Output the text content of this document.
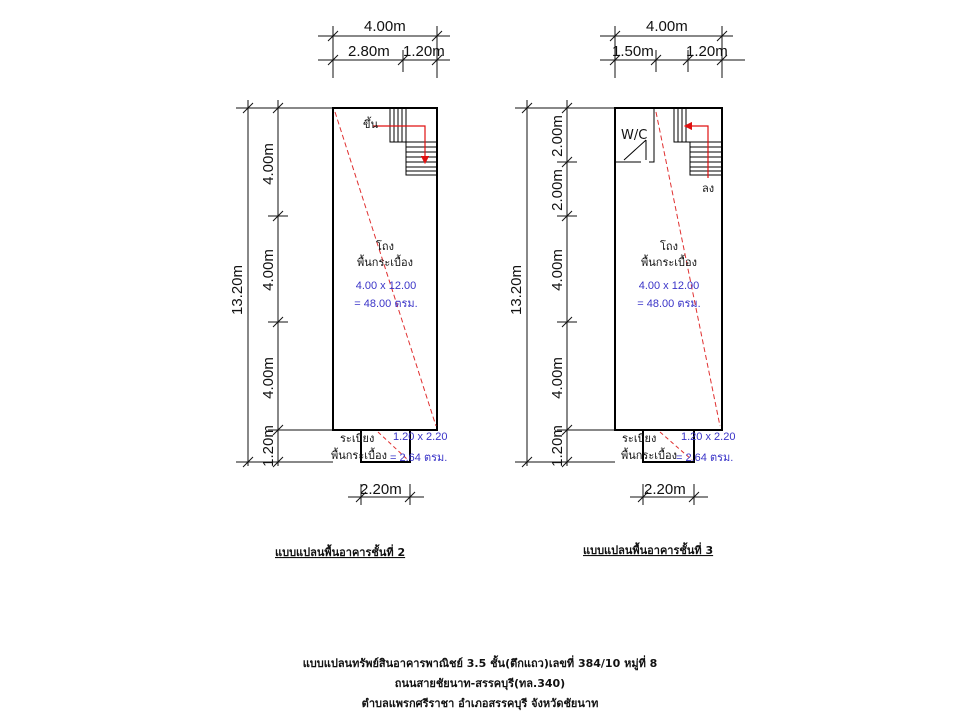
4.00m
2.80m 1.20m
13.20m
4.00m
4.00m
4.00m
1.20m
ขึ้น
โถง
พื้นกระเบื้อง
4.00 x 12.00
= 48.00 ตรม.
ระเบียง
พื้นกระเบื้อง
1.20 x 2.20
= 2.64 ตรม.
2.20m
แบบแปลนพื้นอาคารชั้นที่ 2
4.00m
1.50m 1.20m
13.20m
2.00m
2.00m
4.00m
4.00m
1.20m
W/C
ลง
โถง
พื้นกระเบื้อง
4.00 x 12.00
= 48.00 ตรม.
ระเบียง
พื้นกระเบื้อง
1.20 x 2.20
= 2.64 ตรม.
2.20m
แบบแปลนพื้นอาคารชั้นที่ 3
แบบแปลนทรัพย์สินอาคารพาณิชย์ 3.5 ชั้น(ตึกแถว)เลขที่ 384/10 หมู่ที่ 8
ถนนสายชัยนาท-สรรคบุรี(ทล.340)
ตำบลแพรกศรีราชา อำเภอสรรคบุรี จังหวัดชัยนาท
